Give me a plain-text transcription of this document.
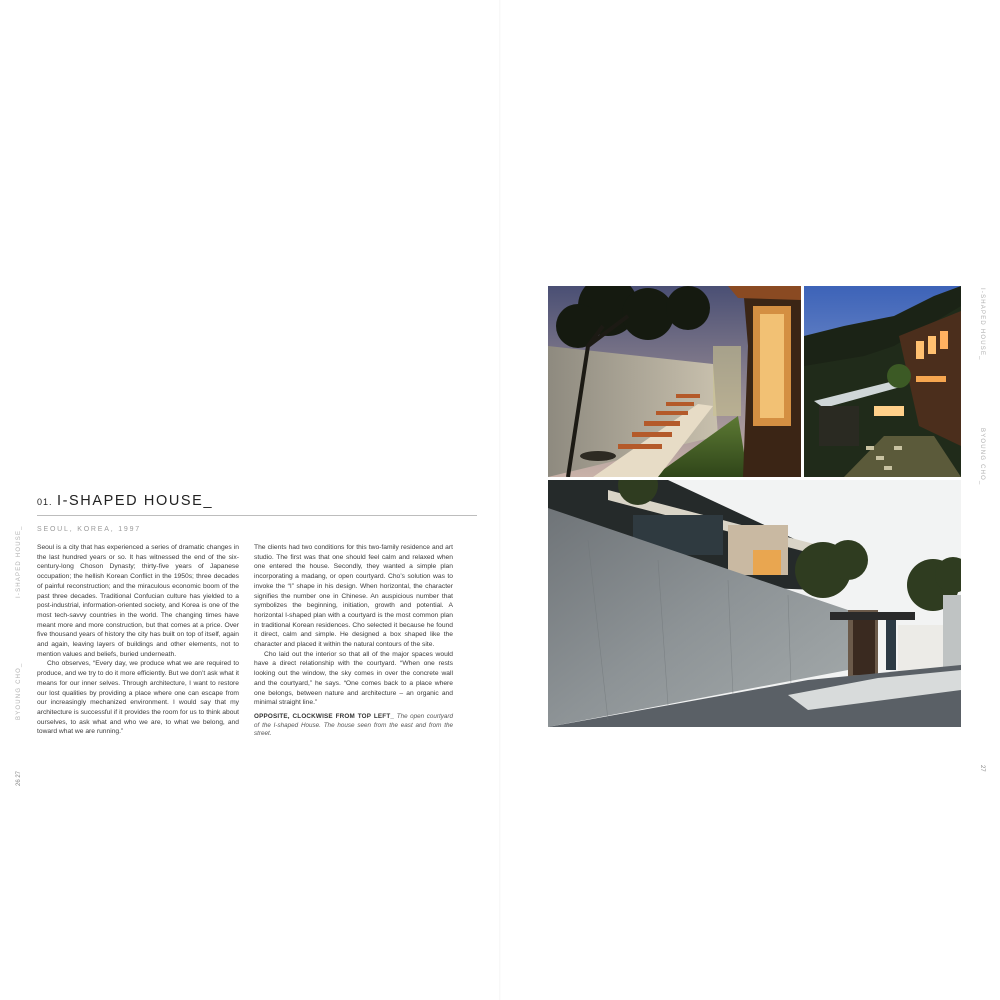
01. I-SHAPED HOUSE_
SEOUL, KOREA, 1997

Seoul is a city that has experienced a series of dramatic changes in the last hundred years or so. It has witnessed the end of the six-century-long Choson Dynasty; thirty-five years of Japanese occupation; the hellish Korean Conflict in the 1950s; three decades of painful reconstruction; and the miraculous economic boom of the past three decades. Traditional Confucian culture has yielded to a post-industrial, information-oriented society, and Korea is one of the most tech-savvy countries in the world. The changing times have meant more and more construction, but that comes at a price. Over five thousand years of history the city has built on top of itself, again and again, leaving layers of buildings and other elements, not to mention values and beliefs, buried underneath.

Cho observes, “Every day, we produce what we are required to produce, and we try to do it more efficiently. But we don’t ask what it means for our inner selves. Through architecture, I want to restore our lost qualities by providing a place where one can escape from our increasingly mechanized environment. I would say that my architecture is successful if it provides the room for us to think about ourselves, to ask what and who we are, to what we belong, and toward what we are running.”

The clients had two conditions for this two-family residence and art studio. The first was that one should feel calm and relaxed when one entered the house. Secondly, they wanted a simple plan incorporating a madang, or open courtyard. Cho’s solution was to invoke the “I” shape in his design. When horizontal, the character signifies the number one in Chinese. An auspicious number that symbolizes the beginning, initiation, growth and potential. A horizontal I-shaped plan with a courtyard is the most common plan in traditional Korean residences. Cho selected it because he found it direct, calm and simple. He designed a box shaped like the character and placed it within the natural contours of the site.

Cho laid out the interior so that all of the major spaces would have a direct relationship with the courtyard. “When one rests looking out the window, the sky comes in over the concrete wall and the courtyard,” he says. “One comes back to a place where one belongs, between nature and architecture – an organic and minimal straight line.”

OPPOSITE, CLOCKWISE FROM TOP LEFT_ The open courtyard of the I-shaped House. The house seen from the east and from the street.
I-SHAPED HOUSE_
BYOUNG CHO_
26 27
I-SHAPED HOUSE_
BYOUNG CHO_
27
